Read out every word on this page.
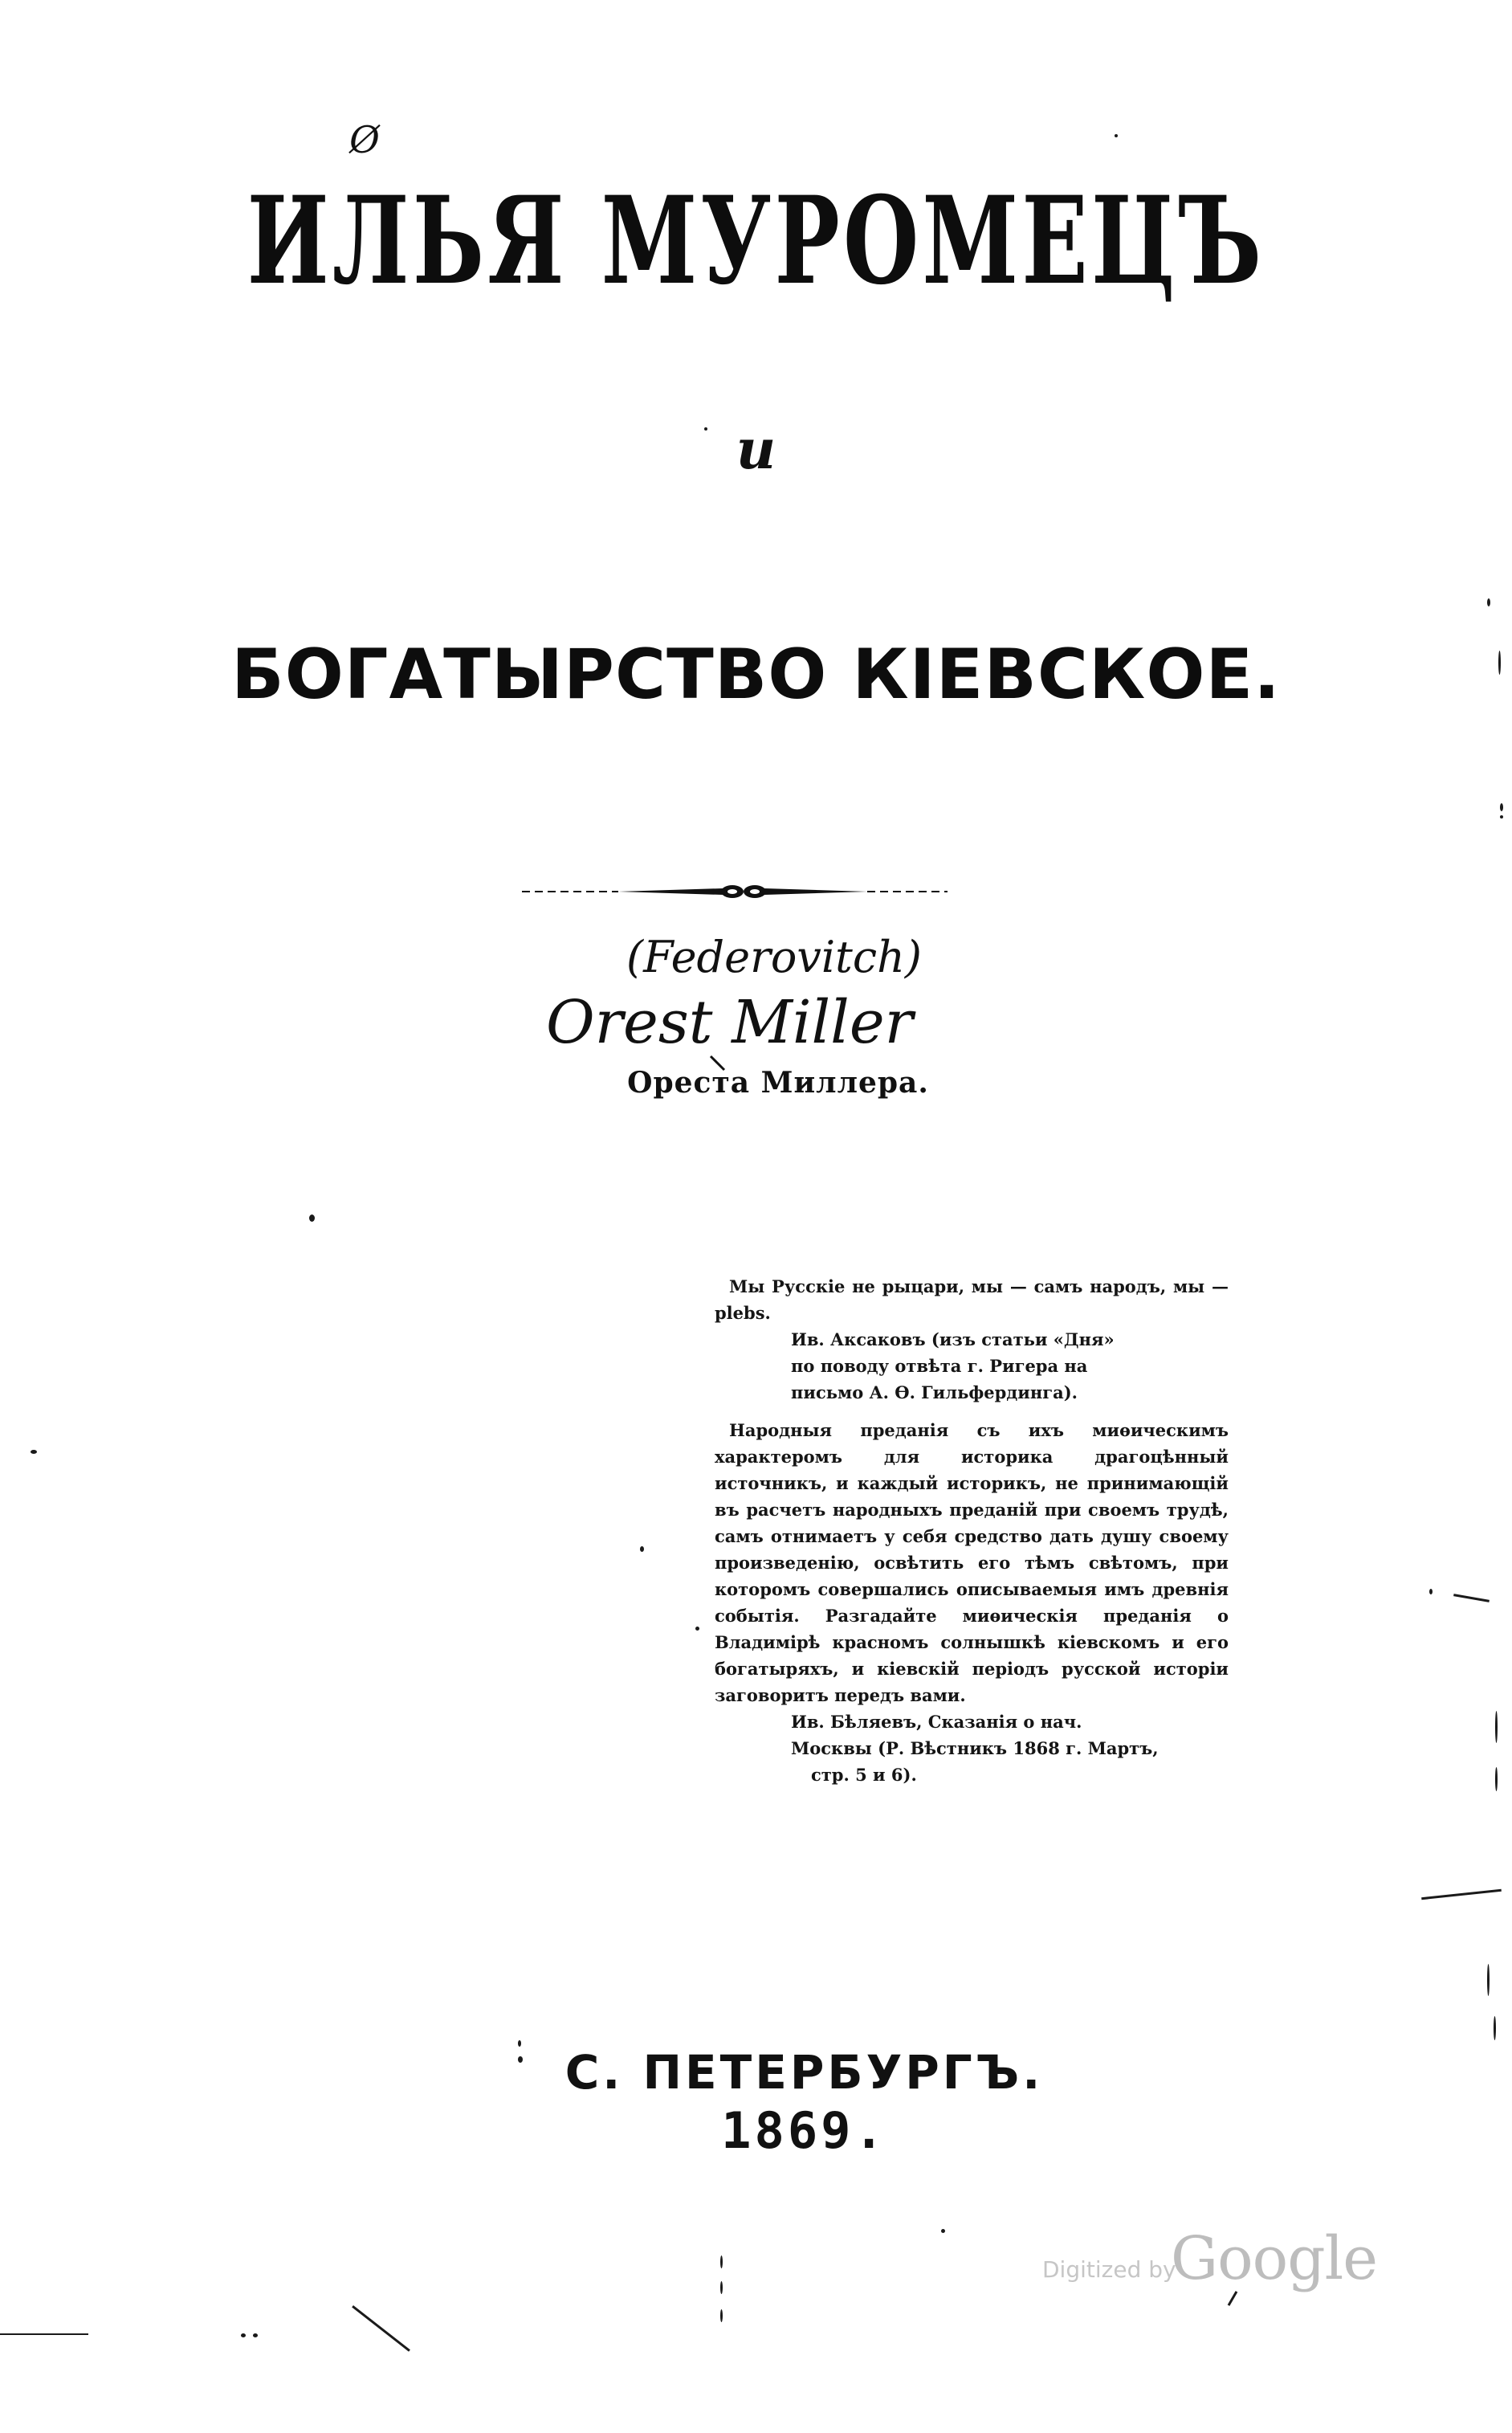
Ø
ИЛЬЯ МУРОМЕЦЪ
и
БОГАТЫРСТВО КІЕВСКОЕ.
(Federovitch)
Orest Miller
Ореста Миллера.

Мы Русскіе не рыцари, мы — самъ народъ, мы — plebs.

Ив. Аксаковъ (изъ статьи «Дня»

по поводу отвѣта г. Ригера на

письмо А. Ѳ. Гильфердинга).

Народныя преданія съ ихъ миѳическимъ характеромъ для историка драгоцѣнный источникъ, и каждый историкъ, не принимающій въ расчетъ народныхъ преданій при своемъ трудѣ, самъ отнимаетъ у себя средство дать душу своему произведенію, освѣтить его тѣмъ свѣтомъ, при которомъ совершались описываемыя имъ древнія событія. Разгадайте миѳическія преданія о Владимірѣ красномъ солнышкѣ кіевскомъ и его богатыряхъ, и кіевскій періодъ русской исторіи заговоритъ передъ вами.

Ив. Бѣляевъ, Сказанія о нач.

Москвы (Р. Вѣстникъ 1868 г. Мартъ,

стр. 5 и 6).

С. ПЕТЕРБУРГЪ.
1869.
Digitized by
Google
